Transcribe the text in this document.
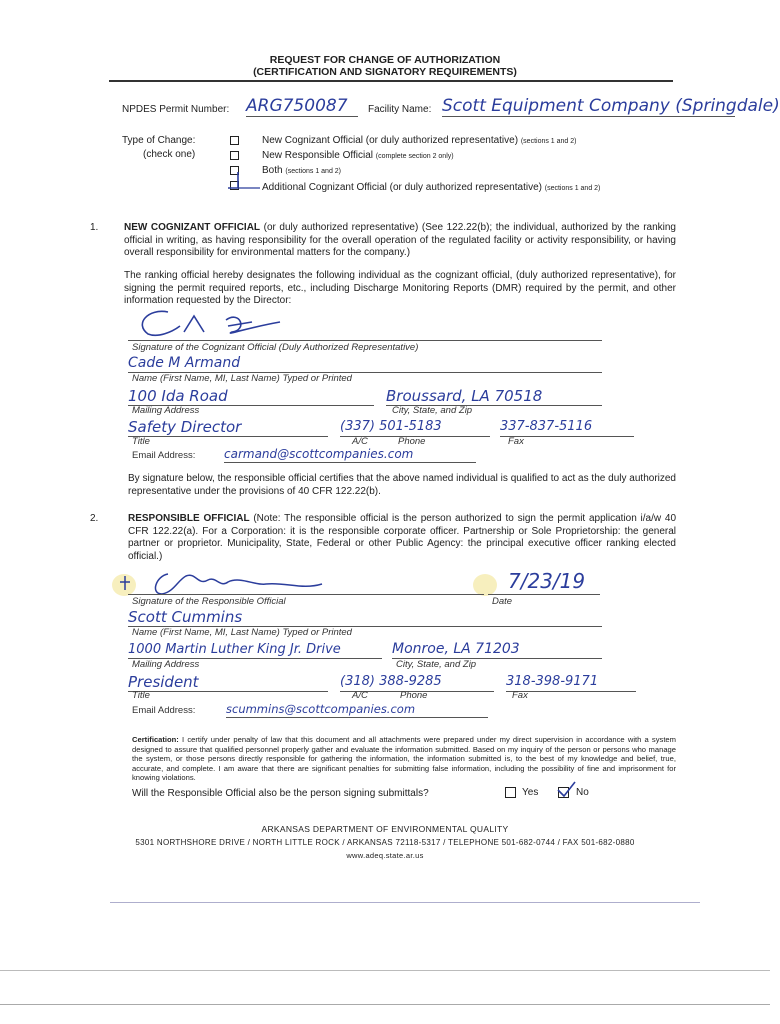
REQUEST FOR CHANGE OF AUTHORIZATION
(CERTIFICATION AND SIGNATORY REQUIREMENTS)
NPDES Permit Number: ARG750087	Facility Name: Scott Equipment Company (Springdale)
Type of Change:
(check one)
New Cognizant Official (or duly authorized representative) (sections 1 and 2)
New Responsible Official (complete section 2 only)
Both (sections 1 and 2)
Additional Cognizant Official (or duly authorized representative) (sections 1 and 2)
1.	NEW COGNIZANT OFFICIAL (or duly authorized representative) (See 122.22(b); the individual, authorized by the ranking official in writing, as having responsibility for the overall operation of the regulated facility or activity responsibility, or having overall responsibility for environmental matters for the company.)
The ranking official hereby designates the following individual as the cognizant official, (duly authorized representative), for signing the permit required reports, etc., including Discharge Monitoring Reports (DMR) required by the permit, and other information requested by the Director:
Signature of the Cognizant Official (Duly Authorized Representative)
Cade M Armand
Name (First Name, MI, Last Name) Typed or Printed
100 Ida Road
Mailing Address
Broussard, LA 70518
City, State, and Zip
Safety Director
Title
(337) 501-5183
A/C	Phone
337-837-5116
Fax
Email Address: carmand@scottcompanies.com
By signature below, the responsible official certifies that the above named individual is qualified to act as the duly authorized representative under the provisions of 40 CFR 122.22(b).
2.	RESPONSIBLE OFFICIAL (Note: The responsible official is the person authorized to sign the permit application i/a/w 40 CFR 122.22(a). For a Corporation: it is the responsible corporate officer. Partnership or Sole Proprietorship: the general partner or proprietor. Municipality, State, Federal or other Public Agency: the principal executive officer ranking elected official.)
Signature of the Responsible Official
7/23/19
Date
Scott Cummins
Name (First Name, MI, Last Name) Typed or Printed
1000 Martin Luther King Jr. Drive
Mailing Address
Monroe, LA 71203
City, State, and Zip
President
Title
(318) 388-9285
A/C	Phone
318-398-9171
Fax
Email Address:	scummins@scottcompanies.com
Certification: I certify under penalty of law that this document and all attachments were prepared under my direct supervision in accordance with a system designed to assure that qualified personnel properly gather and evaluate the information submitted. Based on my inquiry of the person or persons who manage the system, or those persons directly responsible for gathering the information, the information submitted is, to the best of my knowledge and belief, true, accurate, and complete. I am aware that there are significant penalties for submitting false information, including the possibility of fine and imprisonment for knowing violations.
Will the Responsible Official also be the person signing submittals?	Yes	No
ARKANSAS DEPARTMENT OF ENVIRONMENTAL QUALITY
5301 NORTHSHORE DRIVE / NORTH LITTLE ROCK / ARKANSAS 72118-5317 / TELEPHONE 501-682-0744 / FAX 501-682-0880
www.adeq.state.ar.us
